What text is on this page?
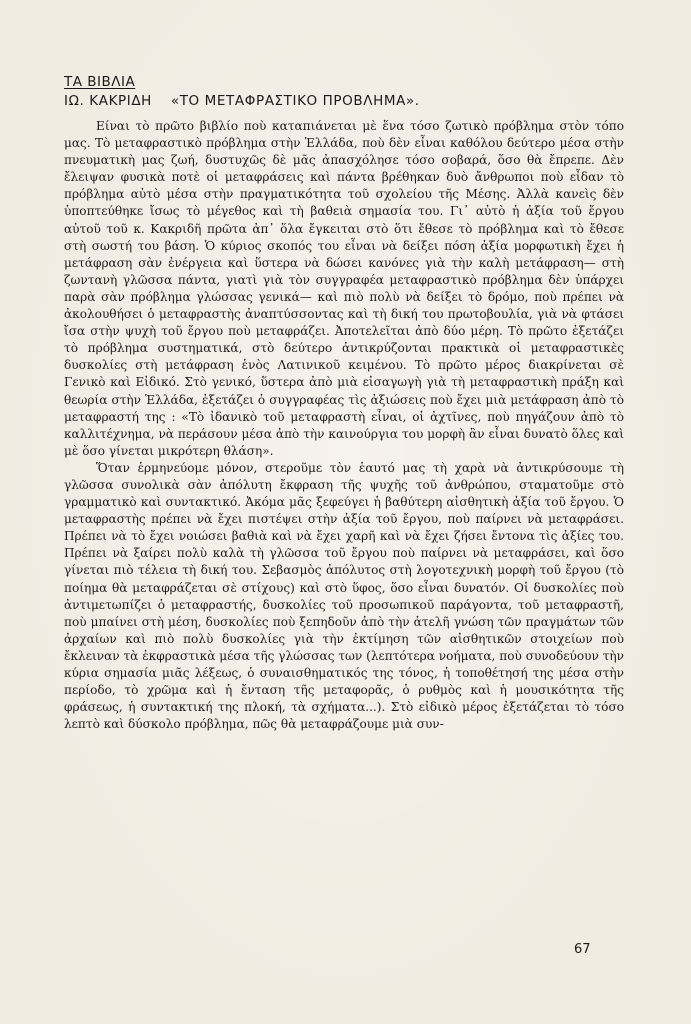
ΤΑ ΒΙΒΛΙΑ

ΙΩ. ΚΑΚΡΙΔΗ «ΤΟ ΜΕΤΑΦΡΑΣΤΙΚΟ ΠΡΟΒΛΗΜΑ».

Είναι τὸ πρῶτο βιβλίο ποὺ καταπιάνεται μὲ ἕνα τόσο ζωτικὸ πρόβλημα στὸν τόπο μας. Τὸ μεταφραστικὸ πρόβλημα στὴν Ἑλλάδα, ποὺ δὲν εἶναι καθόλου δεύτερο μέσα στὴν πνευματικὴ μας ζωή, δυστυχῶς δὲ μᾶς ἀπασχόλησε τόσο σοβαρά, ὅσο θὰ ἔπρεπε. Δὲν ἔλειψαν φυσικὰ ποτὲ οἱ μεταφράσεις καὶ πάντα βρέθηκαν δυὸ ἄνθρωποι ποὺ εἶδαν τὸ πρόβλημα αὐτὸ μέσα στὴν πραγματικότητα τοῦ σχολείου τῆς Μέσης. Ἀλλὰ κανεὶς δὲν ὑποπτεύθηκε ἴσως τὸ μέγεθος καὶ τὴ βαθειὰ σημασία του. Γι᾿ αὐτὸ ἡ ἀξία τοῦ ἔργου αὐτοῦ τοῦ κ. Κακριδῆ πρῶτα ἀπ᾿ ὅλα ἔγκειται στὸ ὅτι ἔθεσε τὸ πρόβλημα καὶ τὸ ἔθεσε στὴ σωστή του βάση. Ὁ κύριος σκοπός του εἶναι νὰ δείξει πόση ἀξία μορφωτικὴ ἔχει ἡ μετάφραση σὰν ἐνέργεια καὶ ὕστερα νὰ δώσει κανόνες γιὰ τὴν καλὴ μετάφραση— στὴ ζωντανὴ γλῶσσα πάντα, γιατὶ γιὰ τὸν συγγραφέα μεταφραστικὸ πρόβλημα δὲν ὑπάρχει παρὰ σὰν πρόβλημα γλώσσας γενικά— καὶ πιὸ πολὺ νὰ δείξει τὸ δρόμο, ποὺ πρέπει νὰ ἀκολουθήσει ὁ μεταφραστὴς ἀναπτύσσοντας καὶ τὴ δική του πρωτοβουλία, γιὰ νὰ φτάσει ἴσα στὴν ψυχὴ τοῦ ἔργου ποὺ μεταφράζει. Ἀποτελεῖται ἀπὸ δύο μέρη. Τὸ πρῶτο ἐξετάζει τὸ πρόβλημα συστηματικά, στὸ δεύτερο ἀντικρύζονται πρακτικὰ οἱ μεταφραστικὲς δυσκολίες στὴ μετάφραση ἑνὸς Λατινικοῦ κειμένου. Τὸ πρῶτο μέρος διακρίνεται σὲ Γενικὸ καὶ Εἰδικό. Στὸ γενικό, ὕστερα ἀπὸ μιὰ εἰσαγωγὴ γιὰ τὴ μεταφραστικὴ πράξη καὶ θεωρία στὴν Ἑλλάδα, ἐξετάζει ὁ συγγραφέας τὶς ἀξιώσεις ποὺ ἔχει μιὰ μετάφραση ἀπὸ τὸ μεταφραστή της : «Τὸ ἰδανικὸ τοῦ μεταφραστὴ εἶναι, οἱ ἀχτῖνες, ποὺ πηγάζουν ἀπὸ τὸ καλλιτέχνημα, νὰ περάσουν μέσα ἀπὸ τὴν καινούργια του μορφὴ ἂν εἶναι δυνατὸ ὅλες καὶ μὲ ὅσο γίνεται μικρότερη θλάση».

Ὅταν ἑρμηνεύομε μόνον, στεροῦμε τὸν ἑαυτό μας τὴ χαρὰ νὰ ἀντικρύσουμε τὴ γλῶσσα συνολικὰ σὰν ἀπόλυτη ἔκφραση τῆς ψυχῆς τοῦ ἀνθρώπου, σταματοῦμε στὸ γραμματικὸ καὶ συντακτικό. Ἀκόμα μᾶς ξεφεύγει ἡ βαθύτερη αἰσθητικὴ ἀξία τοῦ ἔργου. Ὁ μεταφραστὴς πρέπει νὰ ἔχει πιστέψει στὴν ἀξία τοῦ ἔργου, ποὺ παίρνει νὰ μεταφράσει. Πρέπει νὰ τὸ ἔχει νοιώσει βαθιὰ καὶ νὰ ἔχει χαρῆ καὶ νὰ ἔχει ζήσει ἔντονα τὶς ἀξίες του. Πρέπει νὰ ξαίρει πολὺ καλὰ τὴ γλῶσσα τοῦ ἔργου ποὺ παίρνει νὰ μεταφράσει, καὶ ὅσο γίνεται πιὸ τέλεια τὴ δική του. Σεβασμὸς ἀπόλυτος στὴ λογοτεχνικὴ μορφὴ τοῦ ἔργου (τὸ ποίημα θὰ μεταφράζεται σὲ στίχους) καὶ στὸ ὕφος, ὅσο εἶναι δυνατόν. Οἱ δυσκολίες ποὺ ἀντιμετωπίζει ὁ μεταφραστής, δυσκολίες τοῦ προσωπικοῦ παράγοντα, τοῦ μεταφραστῆ, ποὺ μπαίνει στὴ μέση, δυσκολίες ποὺ ξεπηδοῦν ἀπὸ τὴν ἀτελῆ γνώση τῶν πραγμάτων τῶν ἀρχαίων καὶ πιὸ πολὺ δυσκολίες γιὰ τὴν ἐκτίμηση τῶν αἰσθητικῶν στοιχείων ποὺ ἔκλειναν τὰ ἐκφραστικὰ μέσα τῆς γλώσσας των (λεπτότερα νοήματα, ποὺ συνοδεύουν τὴν κύρια σημασία μιᾶς λέξεως, ὁ συναισθηματικός της τόνος, ἡ τοποθέτησή της μέσα στὴν περίοδο, τὸ χρῶμα καὶ ἡ ἔνταση τῆς μεταφορᾶς, ὁ ρυθμὸς καὶ ἡ μουσικότητα τῆς φράσεως, ἡ συντακτική της πλοκή, τὰ σχήματα...). Στὸ εἰδικὸ μέρος ἐξετάζεται τὸ τόσο λεπτὸ καὶ δύσκολο πρόβλημα, πῶς θὰ μεταφράζουμε μιὰ συν-

67
